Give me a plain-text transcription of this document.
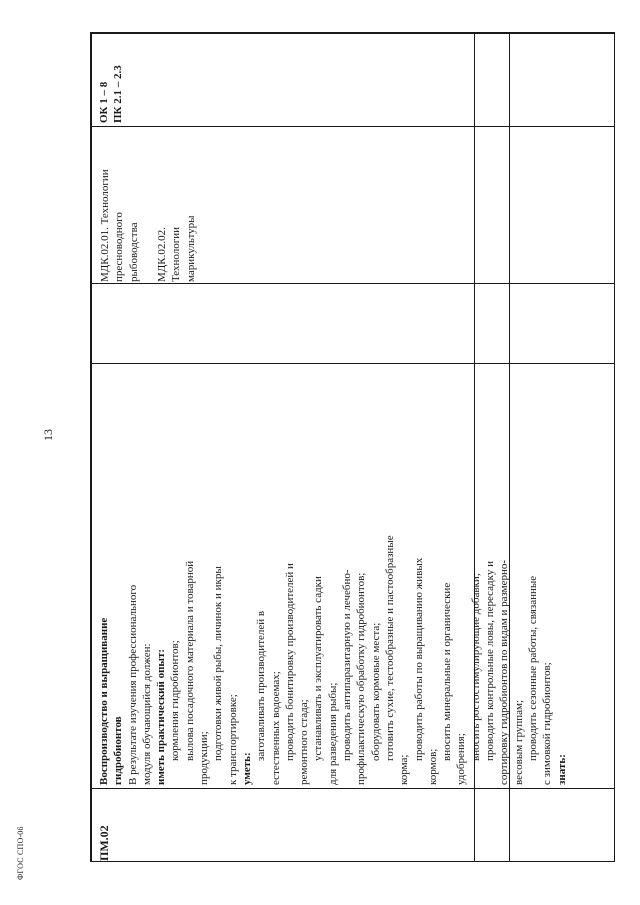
13
ФГОС СПО-06	ПМ.02
Воспроизводство и выращивание гидробионтов В результате изучения профессионального модуля обучающийся должен: иметь практический опыт: кормления гидробионтов; вылова посадочного материала и товарной продукции; подготовки живой рыбы, личинок и икры к транспортировке; уметь:
заготавливать производителей в естественных водоемах; проводить бонитировку производителей и ремонтного стада; устанавливать и эксплуатировать садки для разведения рыбы; проводить антипаразитарную и лечебно- профилактическую обработку гидробионтов; оборудовать кормовые места; готовить сухие, тестообразные и пастообразные
корма;
проводить работы по выращиванию живых
кормов;
вносить минеральные и органические удобрения; вносить ростостимулирующие добавки; проводить контрольные ловы, пересадку и сортировку гидробионтов по видам и размерно- весовым группам; проводить сезонные работы, связанные с зимовкой гидробионтов; знать:
МДК.02.01. Технологии пресноводного рыбоводства МДК.02.02. Технологии марикультуры
ОК 1 – 8 ПК 2.1 – 2.3
